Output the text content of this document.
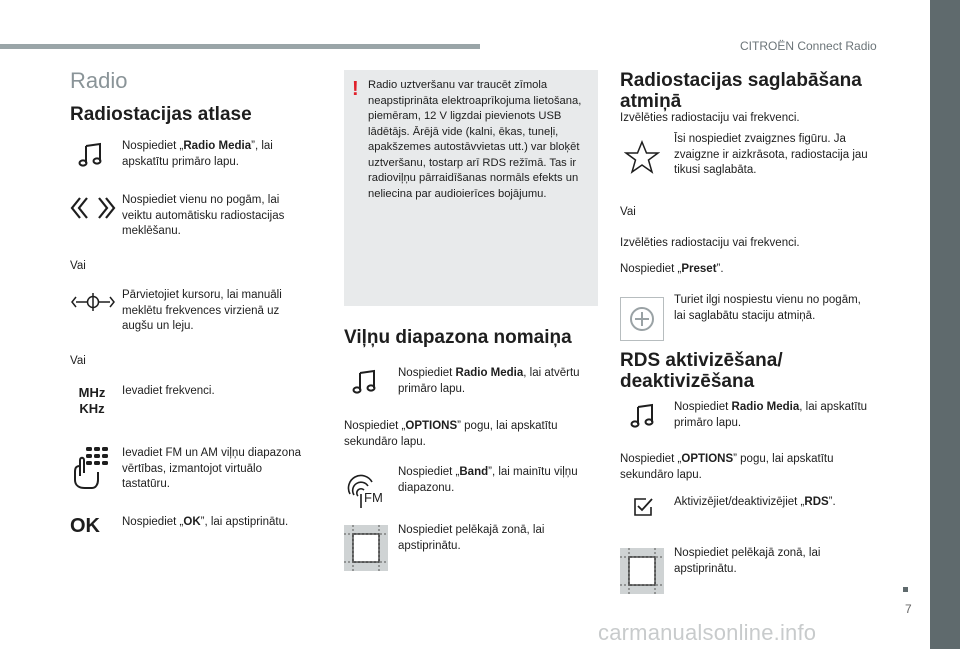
CITROËN Connect Radio
7
carmanualsonline.info
Radio
Radiostacijas atlase
Nospiediet „Radio Media”, lai apskatītu primāro lapu.
Nospiediet vienu no pogām, lai veiktu automātisku radiostacijas meklēšanu.
Vai
Pārvietojiet kursoru, lai manuāli meklētu frekvences virzienā uz augšu un leju.
Vai
MHz
KHz
Ievadiet frekvenci.
Ievadiet FM un AM viļņu diapazona vērtības, izmantojot virtuālo tastatūru.
OK Nospiediet „OK”, lai apstiprinātu.
! Radio uztveršanu var traucēt zīmola neapstiprināta elektroaprīkojuma lietošana, piemēram, 12 V ligzdai pievienots USB lādētājs. Ārējā vide (kalni, ēkas, tuneļi, apakšzemes autostāvvietas utt.) var bloķēt uztveršanu, tostarp arī RDS režīmā. Tas ir radioviļņu pārraidīšanas normāls efekts un neliecina par audioierīces bojājumu.
Viļņu diapazona nomaiņa
Nospiediet Radio Media, lai atvērtu primāro lapu.
Nospiediet „OPTIONS” pogu, lai apskatītu sekundāro lapu.
FM
Nospiediet „Band”, lai mainītu viļņu diapazonu.
Nospiediet pelēkajā zonā, lai apstiprinātu.
Radiostacijas saglabāšana
atmiņā
Izvēlēties radiostaciju vai frekvenci.
Īsi nospiediet zvaigznes figūru. Ja zvaigzne ir aizkrāsota, radiostacija jau tikusi saglabāta.
Vai
Izvēlēties radiostaciju vai frekvenci.
Nospiediet „Preset”.
Turiet ilgi nospiestu vienu no pogām, lai saglabātu staciju atmiņā.
RDS aktivizēšana/
deaktivizēšana
Nospiediet Radio Media, lai apskatītu primāro lapu.
Nospiediet „OPTIONS” pogu, lai apskatītu sekundāro lapu.
Aktivizējiet/deaktivizējiet „RDS”.
Nospiediet pelēkajā zonā, lai apstiprinātu.
